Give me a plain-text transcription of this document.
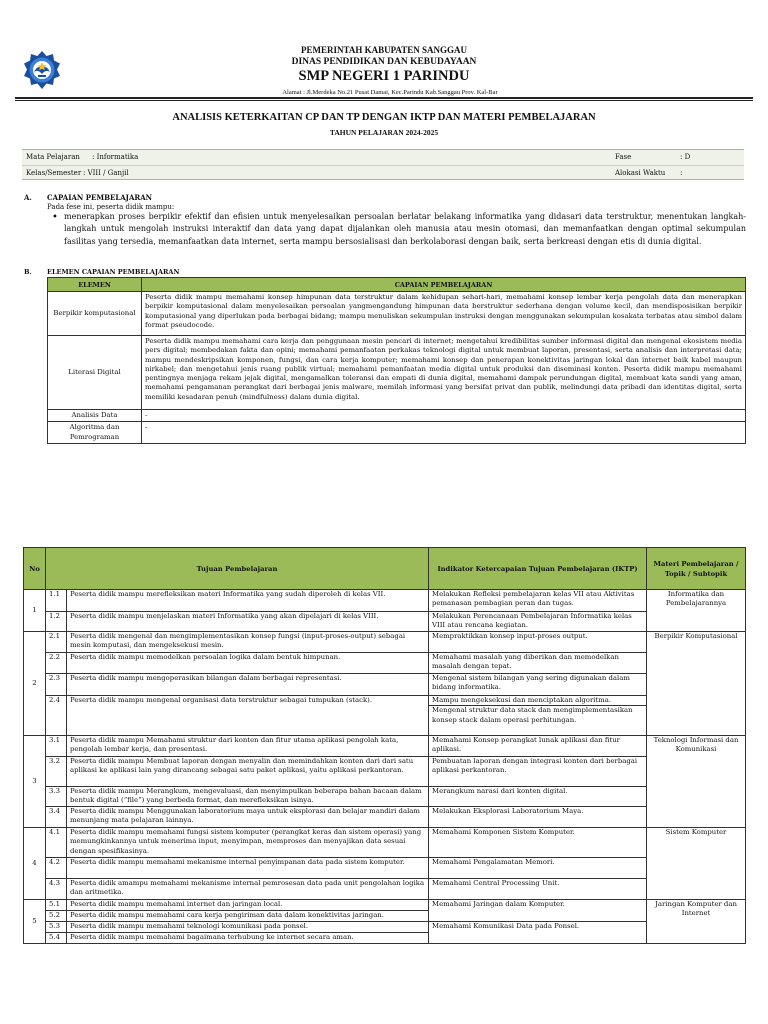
PEMERINTAH KABUPATEN SANGGAU
DINAS PENDIDIKAN DAN KEBUDAYAAN
SMP NEGERI 1 PARINDU
Alamat : Jl.Merdeka No.21 Pusat Damai, Kec.Parindu Kab.Sanggau Prov. Kal-Bar
ANALISIS KETERKAITAN CP DAN TP DENGAN IKTP DAN MATERI PEMBELAJARAN
TAHUN PELAJARAN 2024-2025
Mata Pelajaran : Informatika	Fase	: D
Kelas/Semester : VIII / Ganjil	Alokasi Waktu :
A. CAPAIAN PEMBELAJARAN
Pada fese ini, peserta didik mampu:
• menerapkan proses berpikir efektif dan efisien untuk menyelesaikan persoalan berlatar belakang informatika yang didasari data terstruktur, menentukan langkah-langkah untuk mengolah instruksi interaktif dan data yang dapat dijalankan oleh manusia atau mesin otomasi, dan memanfaatkan dengan optimal sekumpulan fasilitas yang tersedia, memanfaatkan data internet, serta mampu bersosialisasi dan berkolaborasi dengan baik, serta berkreasi dengan etis di dunia digital.
B. ELEMEN CAPAIAN PEMBELAJARAN
ELEMEN	CAPAIAN PEMBELAJARAN
Berpikir komputasional	Peserta didik mampu memahami konsep himpunan data terstruktur dalam kehidupan sehari-hari, memahami konsep lembar kerja pengolah data dan menerapkan berpikir komputasional dalam menyelesaikan persoalan yangmengandung himpunan data berstruktur sederhana dengan volume kecil, dan mendisposisikan berpikir komputasional yang diperlukan pada berbagai bidang; mampu menuliskan sekumpulan instruksi dengan menggunakan sekumpulan kosakata terbatas atau simbol dalam format pseudocode.
Literasi Digital	Peserta didik mampu memahami cara kerja dan penggunaan mesin pencari di internet; mengetahui kredibilitas sumber informasi digital dan mengenal ekosistem media pers digital; membedakan fakta dan opini; memahami pemanfaatan perkakas teknologi digital untuk membuat laporan, presentasi, serta analisis dan interpretasi data; mampu mendeskripsikan komponen, fungsi, dan cara kerja komputer; memahami konsep dan penerapan konektivitas jaringan lokal dan internet baik kabel maupun nirkabel; dan mengetahui jenis ruang publik virtual; memahami pemanfaatan media digital untuk produksi dan diseminasi konten. Peserta didik mampu memahami pentingnya menjaga rekam jejak digital, mengamalkan toleransi dan empati di dunia digital, memahami dampak perundungan digital, membuat kata sandi yang aman, memahami pengamanan perangkat dari berbagai jenis malware, memilah informasi yang bersifat privat dan publik, melindungi data pribadi dan identitas digital, serta memiliki kesadaran penuh (mindfulness) dalam dunia digital.
Analisis Data	-
Algoritma dan Pemrograman	-
No	Tujuan Pembelajaran		Indikator Ketercapaian Tujuan Pembelajaran (IKTP)	Materi Pembelajaran / Topik / Subtopik
1	1.1	Peserta didik mampu merefleksikan materi Informatika yang sudah diperoleh di kelas VII.	Melakukan Refleksi pembelajaran kelas VII atau Aktivitas pemanasan pembagian peran dan tugas.	Informatika dan Pembelajarannya
	1.2	Peserta didik mampu menjelaskan materi Informatika yang akan dipelajari di kelas VIII.	Melakukan Perencanaan Pembelajaran Informatika kelas VIII atau rencana kegiatan.	
2	2.1	Peserta didik mengenal dan mengimplementasikan konsep fungsi (input-proses-output) sebagai mesin komputasi, dan mengeksekusi mesin.	Mempraktikkan konsep input-proses output.	Berpikir Komputasional
	2.2	Peserta didik mampu memodelkan persoalan logika dalam bentuk himpunan.	Memahami masalah yang diberikan dan memodelkan masalah dengan tepat.	
	2.3	Peserta didik mampu mengoperasikan bilangan dalam berbagai representasi.	Mengenal sistem bilangan yang sering digunakan dalam bidang informatika.	
	2.4	Peserta didik mampu mengenal organisasi data terstruktur sebagai tumpukan (stack).	Mampu mengeksekusi dan menciptakan algoritma.
Mengenal struktur data stack dan mengimplementasikan konsep stack dalam operasi perhitungan.	

3	3.1	Peserta didik mampu Memahami struktur dari konten dan fitur utama aplikasi pengolah kata, pengolah lembar kerja, dan presentasi.	Memahami Konsep perangkat lunak aplikasi dan fitur aplikasi.	Teknologi Informasi dan Komunikasi
	3.2	Peserta didik mampu Membuat laporan dengan menyalin dan memindahkan konten dari dari satu aplikasi ke aplikasi lain yang dirancang sebagai satu paket aplikasi, yaitu aplikasi perkantoran.	Pembuatan laporan dengan integrasi konten dari berbagai aplikasi perkantoran.	
	3.3	Peserta didik mampu Merangkum, mengevaluasi, dan menyimpulkan beberapa bahan bacaan dalam bentuk digital (“file”) yang berbeda format, dan merefleksikan isinya.	Merangkum narasi dari konten digital.	
	3.4	Peserta didik mampu Menggunakan laboratorium maya untuk eksplorasi dan belajar mandiri dalam menunjang mata pelajaran lainnya.	Melakukan Eksplorasi Laboratorium Maya.	
4	4.1	Peserta didik mampu memahami fungsi sistem komputer (perangkat keras dan sistem operasi) yang memungkinkannya untuk menerima input, menyimpan, memproses dan menyajikan data sesuai dengan spesifikasinya.	Memahami Komponen Sistem Komputer.	Sistem Komputer
	4.2	Peserta didik mampu memahami mekanisme internal penyimpanan data pada sistem komputer.	Memahami Pengalamatan Memori.	
	4.3	Peserta didik amampu memahami mekanisme internal pemrosesan data pada unit pengolahan logika dan aritmetika.	Memahami Central Processing Unit.	
5	5.1	Peserta didik mampu memahami internet dan jaringan local.	Memahami Jaringan dalam Komputer.	Jaringan Komputer dan Internet
	5.2	Peserta didik mampu memahami cara kerja pengiriman data dalam konektivitas jaringan.		
	5.3	Peserta didik mampu memahami teknologi komunikasi pada ponsel.	Memahami Komunikasi Data pada Ponsel.	
	5.4	Peserta didik mampu memahami bagaimana terhubung ke internet secara aman.		
